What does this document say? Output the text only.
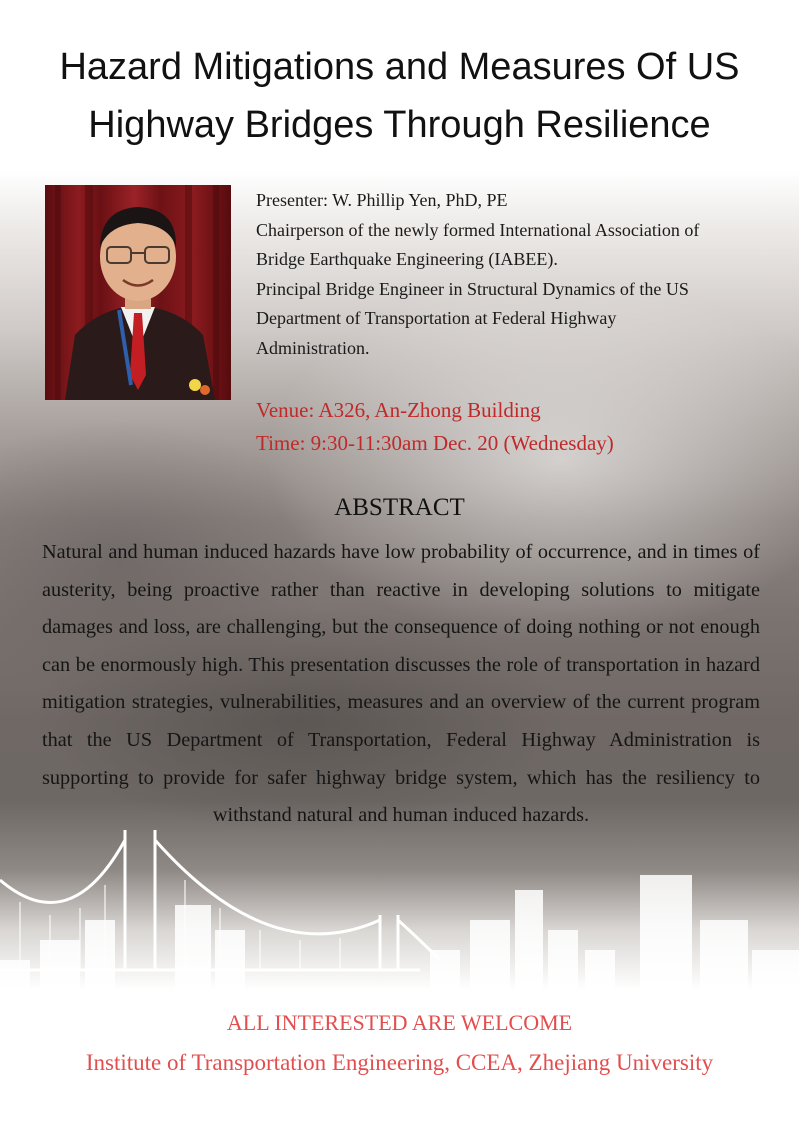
Hazard Mitigations and Measures Of US
Highway Bridges Through Resilience

Presenter: W. Phillip Yen, PhD, PE

Chairperson of the newly formed International Association of

Bridge Earthquake Engineering (IABEE).

Principal Bridge Engineer in Structural Dynamics of the US

Department of Transportation at Federal Highway

Administration.

Venue: A326, An-Zhong Building

Time: 9:30-11:30am Dec. 20 (Wednesday)

ABSTRACT

Natural and human induced hazards have low probability of occurrence, and in times of austerity, being proactive rather than reactive in developing solutions to mitigate damages and loss, are challenging, but the consequence of doing nothing or not enough can be enormously high. This presentation discusses the role of transportation in hazard mitigation strategies, vulnerabilities, measures and an overview of the current program that the US Department of Transportation, Federal Highway Administration is supporting to provide for safer highway bridge system, which has the resiliency to withstand natural and human induced hazards.

ALL INTERESTED ARE WELCOME
Institute of Transportation Engineering, CCEA, Zhejiang University
